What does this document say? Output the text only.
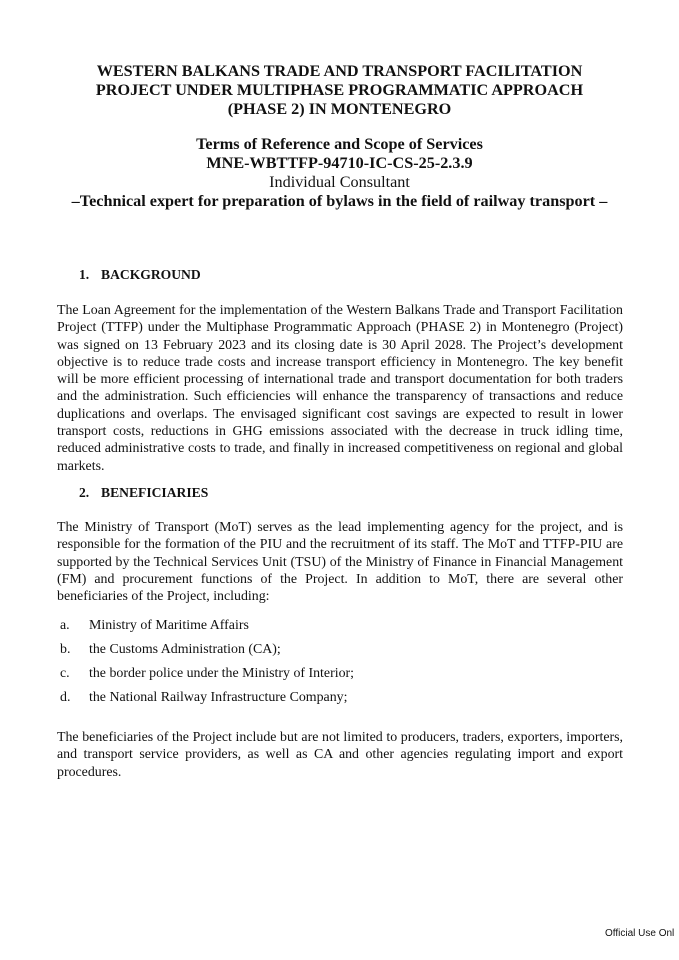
WESTERN BALKANS TRADE AND TRANSPORT FACILITATION
PROJECT UNDER MULTIPHASE PROGRAMMATIC APPROACH
(PHASE 2) IN MONTENEGRO
Terms of Reference and Scope of Services
MNE-WBTTFP-94710-IC-CS-25-2.3.9
Individual Consultant
–Technical expert for preparation of bylaws in the field of railway transport –
1. BACKGROUND
The Loan Agreement for the implementation of the Western Balkans Trade and Transport Facilitation Project (TTFP) under the Multiphase Programmatic Approach (PHASE 2) in Montenegro (Project) was signed on 13 February 2023 and its closing date is 30 April 2028. The Project’s development objective is to reduce trade costs and increase transport efficiency in Montenegro. The key benefit will be more efficient processing of international trade and transport documentation for both traders and the administration. Such efficiencies will enhance the transparency of transactions and reduce duplications and overlaps. The envisaged significant cost savings are expected to result in lower transport costs, reductions in GHG emissions associated with the decrease in truck idling time, reduced administrative costs to trade, and finally in increased competitiveness on regional and global markets.
2. BENEFICIARIES
The Ministry of Transport (MoT) serves as the lead implementing agency for the project, and is responsible for the formation of the PIU and the recruitment of its staff. The MoT and TTFP-PIU are supported by the Technical Services Unit (TSU) of the Ministry of Finance in Financial Management (FM) and procurement functions of the Project. In addition to MoT, there are several other beneficiaries of the Project, including:
a. Ministry of Maritime Affairs
b. the Customs Administration (CA);
c. the border police under the Ministry of Interior;
d. the National Railway Infrastructure Company;
The beneficiaries of the Project include but are not limited to producers, traders, exporters, importers, and transport service providers, as well as CA and other agencies regulating import and export procedures.
Official Use Onl
